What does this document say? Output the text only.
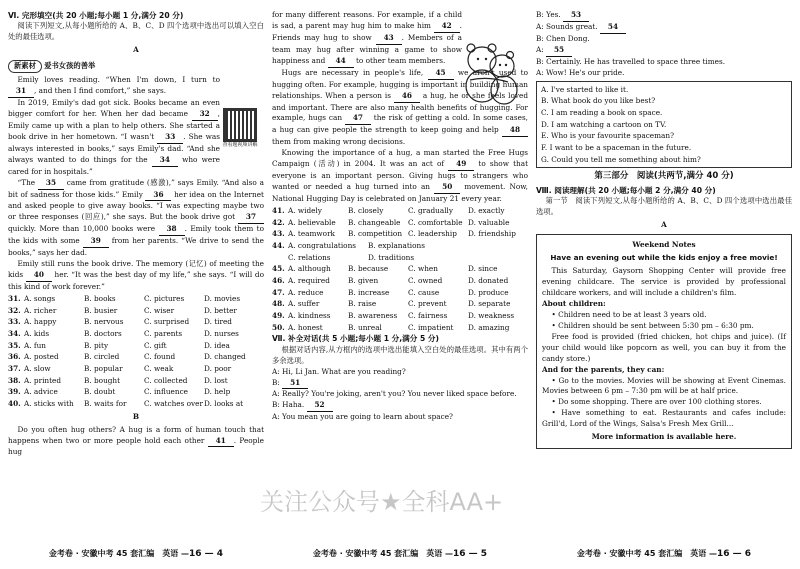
Ⅵ. 完形填空(共 20 小题;每小题 1 分,满分 20 分)

阅读下列短文,从每小题所给的 A、B、C、D 四个选项中选出可以填入空白处的最佳选项。

A
新素材 爱书女孩的善举
查看题视频讲解

Emily loves reading. “When I'm down, I turn to 31 , and then I find comfort,” she says.

In 2019, Emily's dad got sick. Books became an even bigger comfort for her. When her dad became 32 , Emily came up with a plan to help others. She started a book drive in her hometown. “I wasn't 33 . She was always interested in books,” says Emily's dad. “And she always wanted to do things for the 34 who were cared for in hospitals.”

“The 35 came from gratitude (感激),” says Emily. “And also a bit of sadness for those kids.” Emily 36 her idea on the Internet and asked people to give away books. “I was expecting maybe two or three responses (回应),” she says. But the book drive got 37 quickly. More than 10,000 books were 38 . Emily took them to the kids with some 39 from her parents. “We drive to send the books,” says her dad.

Emily still runs the book drive. The memory (记忆) of meeting the kids 40 her. “It was the best day of my life,” she says. “I will do this kind of work forever.”

31. A. songs	B. books	C. pictures	D. movies
32. A. richer	B. busier	C. wiser	D. better
33. A. happy	B. nervous	C. surprised	D. tired
34. A. kids	B. doctors	C. parents	D. nurses
35. A. fun	B. pity	C. gift	D. idea
36. A. posted	B. circled	C. found	D. changed
37. A. slow	B. popular	C. weak	D. poor
38. A. printed	B. bought	C. collected	D. lost
39. A. advice	B. doubt	C. influence	D. help
40. A. sticks with	B. waits for	C. watches over D. looks at
B

Do you often hug others? A hug is a form of human touch that happens when two or more people hold each other 41 . People hug

for many different reasons. For example, if a child is sad, a parent may hug him to make him 42 . Friends may hug to show 43 . Members of a team may hug after winning a game to show happiness and 44 to other team members.

Hugs are necessary in people's life, 45 we aren't used to hugging often. For example, hugging is important in building human relationships. When a person is 46 a hug, he or she feels loved and important. There are also many health benefits of hugging. For example, hugs can 47 the risk of getting a cold. In some cases, a hug can give people the strength to keep going and help 48 them from making wrong decisions.

Knowing the importance of a hug, a man started the Free Hugs Campaign (活动) in 2004. It was an act of 49 to show that everyone is an important person. Giving hugs to strangers who wanted or needed a hug turned into an 50 movement. Now, National Hugging Day is celebrated on January 21 every year.

41. A. widely	B. closely	C. gradually	D. exactly
42. A. believable	B. changeable	C. comfortable D. valuable
43. A. teamwork	B. competition C. leadership	D. friendship
44. A. congratulations	B. explanations
C. relations	D. traditions
45. A. although	B. because	C. when	D. since
46. A. required	B. given	C. owned	D. donated
47. A. reduce	B. increase	C. cause	D. produce
48. A. suffer	B. raise	C. prevent	D. separate
49. A. kindness	B. awareness	C. fairness	D. weakness
50. A. honest	B. unreal	C. impatient	D. amazing
Ⅶ. 补全对话(共 5 小题;每小题 1 分,满分 5 分)

根据对话内容,从方框内的选项中选出能填入空白处的最佳选项。其中有两个多余选项。

A: Hi, Li Jan. What are you reading?
B: 51
A: Really? You're joking, aren't you? You never liked space before.
B: Haha. 52
A: You mean you are going to learn about space?
B: Yes. 53
A: Sounds great. 54
B: Chen Dong.
A: 55
B: Certainly. He has travelled to space three times.
A: Wow! He's our pride.
A. I've started to like it.
B. What book do you like best?
C. I am reading a book on space.
D. I am watching a cartoon on TV.
E. Who is your favourite spaceman?
F. I want to be a spaceman in the future.
G. Could you tell me something about him?
第三部分　阅读(共两节,满分 40 分)
Ⅷ. 阅读理解(共 20 小题;每小题 2 分,满分 40 分)

第一节　阅读下列短文,从每小题所给的 A、B、C、D 四个选项中选出最佳选项。

A
Weekend Notes
Have an evening out while the kids enjoy a free movie!

This Saturday, Gaysorn Shopping Center will provide free evening childcare. The service is provided by professional childcare workers, and will include a children's film.

About children:

• Children need to be at least 3 years old.

• Children should be sent between 5:30 pm – 6:30 pm.

Free food is provided (fried chicken, hot chips and juice). (If your child would like popcorn as well, you can buy it from the candy store.)

And for the parents, they can:

• Go to the movies. Movies will be showing at Event Cinemas. Movies between 6 pm – 7:30 pm will be at half price.

• Do some shopping. There are over 100 clothing stores.

• Have something to eat. Restaurants and cafes include: Grill'd, Lord of the Wings, Salsa's Fresh Mex Grill...

More information is available here.
金考卷 · 安徽中考 45 套汇编　英语 —16 — 4	金考卷 · 安徽中考 45 套汇编　英语 —16 — 5	金考卷 · 安徽中考 45 套汇编　英语 —16 — 6
关注公众号★全科AA+
